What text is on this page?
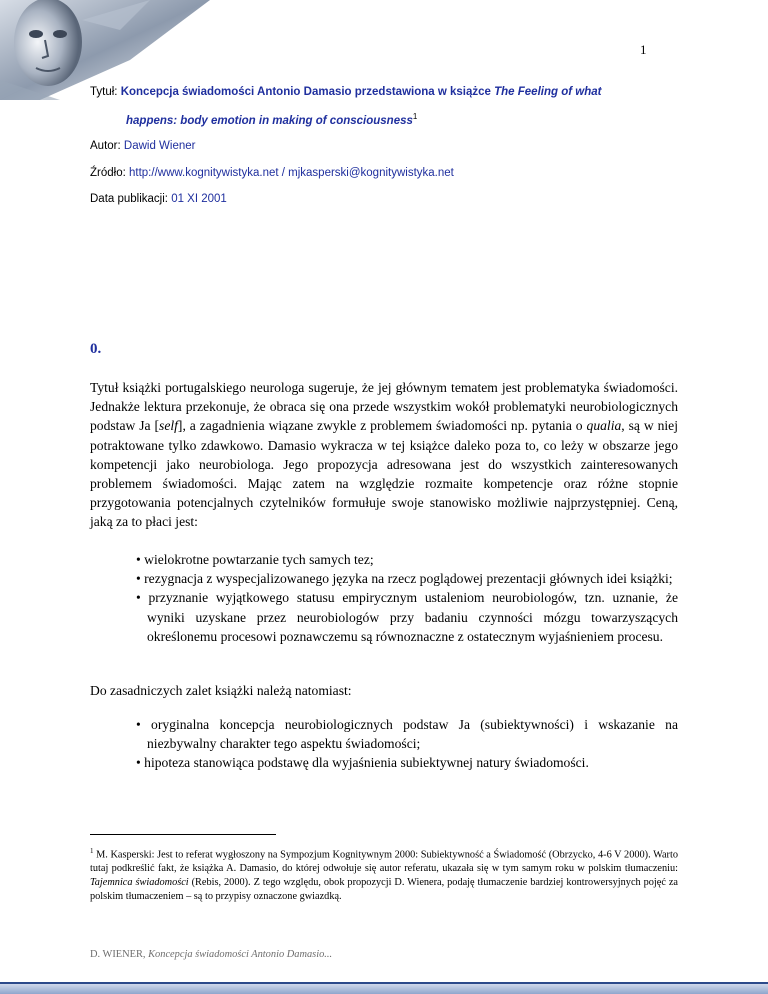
1
Tytuł: Koncepcja świadomości Antonio Damasio przedstawiona w książce The Feeling of what
happens: body emotion in making of consciousness$^1$
Autor: Dawid Wiener
Źródło: http://www.kognitywistyka.net / mjkasperski@kognitywistyka.net
Data publikacji: 01 XI 2001
0.

Tytuł książki portugalskiego neurologa sugeruje, że jej głównym tematem jest problematyka świadomości. Jednakże lektura przekonuje, że obraca się ona przede wszystkim wokół problematyki neurobiologicznych podstaw Ja [self], a zagadnienia wiązane zwykle z problemem świadomości np. pytania o qualia, są w niej potraktowane tylko zdawkowo. Damasio wykracza w tej książce daleko poza to, co leży w obszarze jego kompetencji jako neurobiologa. Jego propozycja adresowana jest do wszystkich zainteresowanych problemem świadomości. Mając zatem na względzie rozmaite kompetencje oraz różne stopnie przygotowania potencjalnych czytelników formułuje swoje stanowisko możliwie najprzystępniej. Ceną, jaką za to płaci jest:

• wielokrotne powtarzanie tych samych tez;
• rezygnacja z wyspecjalizowanego języka na rzecz poglądowej prezentacji głównych idei książki;
• przyznanie wyjątkowego statusu empirycznym ustaleniom neurobiologów, tzn. uznanie, że wyniki uzyskane przez neurobiologów przy badaniu czynności mózgu towarzyszących określonemu procesowi poznawczemu są równoznaczne z ostatecznym wyjaśnieniem procesu.

Do zasadniczych zalet książki należą natomiast:

• oryginalna koncepcja neurobiologicznych podstaw Ja (subiektywności) i wskazanie na niezbywalny charakter tego aspektu świadomości;
• hipoteza stanowiąca podstawę dla wyjaśnienia subiektywnej natury świadomości.

$^1$ M. Kasperski: Jest to referat wygłoszony na Sympozjum Kognitywnym 2000: Subiektywność a Świadomość (Obrzycko, 4-6 V 2000). Warto tutaj podkreślić fakt, że książka A. Damasio, do której odwołuje się autor referatu, ukazała się w tym samym roku w polskim tłumaczeniu: Tajemnica świadomości (Rebis, 2000). Z tego względu, obok propozycji D. Wienera, podaję tłumaczenie bardziej kontrowersyjnych pojęć za polskim tłumaczeniem – są to przypisy oznaczone gwiazdką.

D. WIENER, Koncepcja świadomości Antonio Damasio...
